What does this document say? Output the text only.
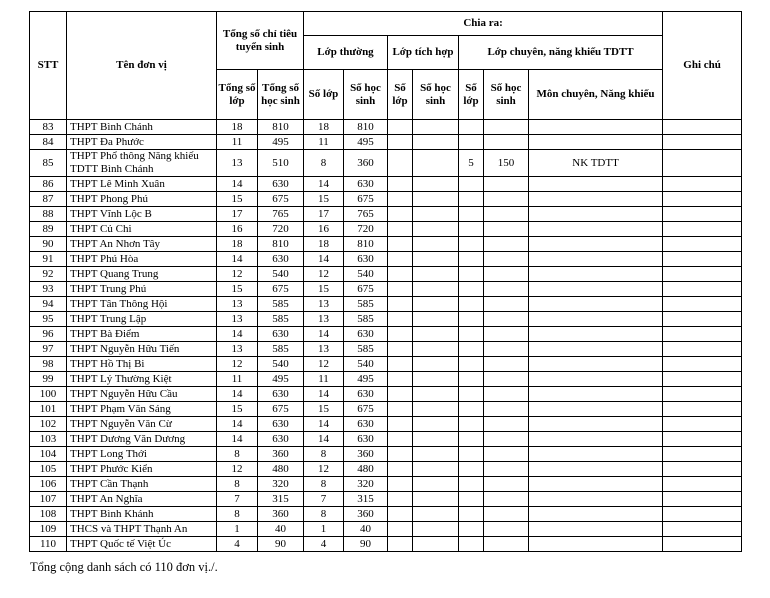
STT	Tên đơn vị	Tổng số chỉ tiêu tuyển sinh		Chia ra:							Ghi chú
				Lớp thường		Lớp tích hợp		Lớp chuyên, năng khiếu TDTT			
		Tổng số lớp	Tổng số học sinh	Số lớp	Số học sinh	Số lớp	Số học sinh	Số lớp	Số học sinh	Môn chuyên, Năng khiếu	
83	THPT Bình Chánh	18	810	18	810						
84	THPT Đa Phước	11	495	11	495						
85	THPT Phổ thông Năng khiếu TDTT Bình Chánh	13	510	8	360			5	150	NK TDTT	
86	THPT Lê Minh Xuân	14	630	14	630						
87	THPT Phong Phú	15	675	15	675						
88	THPT Vĩnh Lộc B	17	765	17	765						
89	THPT Củ Chi	16	720	16	720						
90	THPT An Nhơn Tây	18	810	18	810						
91	THPT Phú Hòa	14	630	14	630						
92	THPT Quang Trung	12	540	12	540						
93	THPT Trung Phú	15	675	15	675						
94	THPT Tân Thông Hội	13	585	13	585						
95	THPT Trung Lập	13	585	13	585						
96	THPT Bà Điểm	14	630	14	630						
97	THPT Nguyễn Hữu Tiến	13	585	13	585						
98	THPT Hồ Thị Bi	12	540	12	540						
99	THPT Lý Thường Kiệt	11	495	11	495						
100	THPT Nguyễn Hữu Cầu	14	630	14	630						
101	THPT Phạm Văn Sáng	15	675	15	675						
102	THPT Nguyễn Văn Cừ	14	630	14	630						
103	THPT Dương Văn Dương	14	630	14	630						
104	THPT Long Thới	8	360	8	360						
105	THPT Phước Kiển	12	480	12	480						
106	THPT Cần Thạnh	8	320	8	320						
107	THPT An Nghĩa	7	315	7	315						
108	THPT Bình Khánh	8	360	8	360						
109	THCS và THPT Thạnh An	1	40	1	40						
110	THPT Quốc tế Việt Úc	4	90	4	90						
Tổng cộng danh sách có 110 đơn vị./.
